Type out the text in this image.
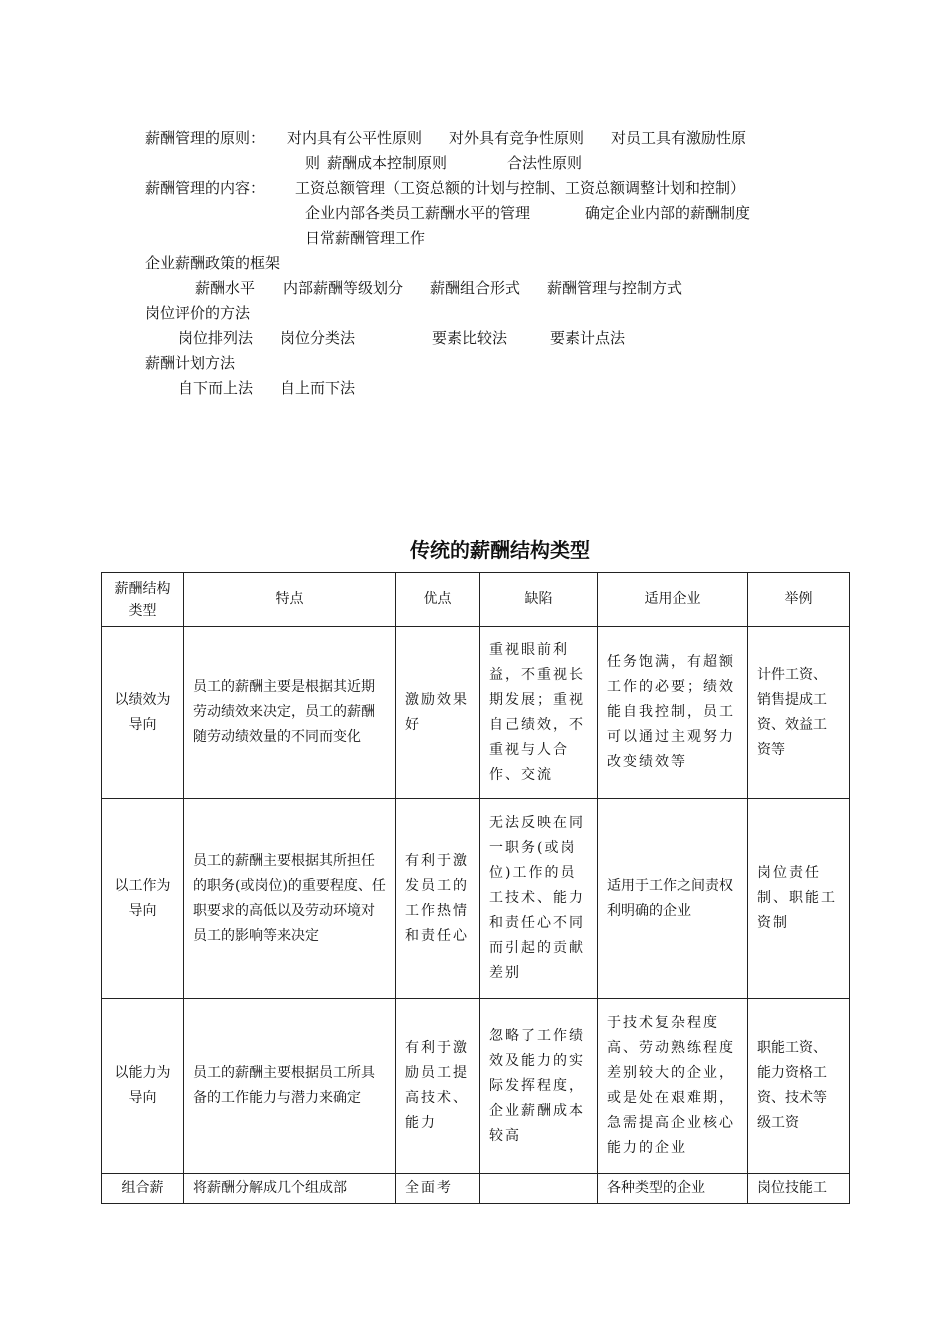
薪酬管理的原则： 对内具有公平性原则 对外具有竞争性原则 对员工具有激励性原
则 薪酬成本控制原则	合法性原则
薪酬管理的内容： 工资总额管理（工资总额的计划与控制、工资总额调整计划和控制）
企业内部各类员工薪酬水平的管理	确定企业内部的薪酬制度
日常薪酬管理工作
企业薪酬政策的框架
薪酬水平 内部薪酬等级划分 薪酬组合形式 薪酬管理与控制方式
岗位评价的方法
岗位排列法 岗位分类法	要素比较法	要素计点法
薪酬计划方法
自下而上法 自上而下法
传统的薪酬结构类型
薪酬结构类型	特点	优点	缺陷	适用企业	举例
以绩效为导向	员工的薪酬主要是根据其近期劳动绩效来决定，员工的薪酬随劳动绩效量的不同而变化	激励效果好	重视眼前利益，不重视长期发展；重视自己绩效，不重视与人合作、交流	任务饱满，有超额工作的必要；绩效能自我控制，员工可以通过主观努力改变绩效等	计件工资、销售提成工资、效益工资等
以工作为导向	员工的薪酬主要根据其所担任的职务(或岗位)的重要程度、任职要求的高低以及劳动环境对员工的影响等来决定	有利于激发员工的工作热情和责任心	无法反映在同一职务(或岗位)工作的员工技术、能力和责任心不同而引起的贡献差别	适用于工作之间责权利明确的企业	岗位责任制、职能工资制
以能力为导向	员工的薪酬主要根据员工所具备的工作能力与潜力来确定	有利于激励员工提高技术、能力	忽略了工作绩效及能力的实际发挥程度，企业薪酬成本较高	于技术复杂程度高、劳动熟练程度差别较大的企业，或是处在艰难期，急需提高企业核心能力的企业	职能工资、能力资格工资、技术等级工资
组合薪	将薪酬分解成几个组成部	全面考		各种类型的企业	岗位技能工
